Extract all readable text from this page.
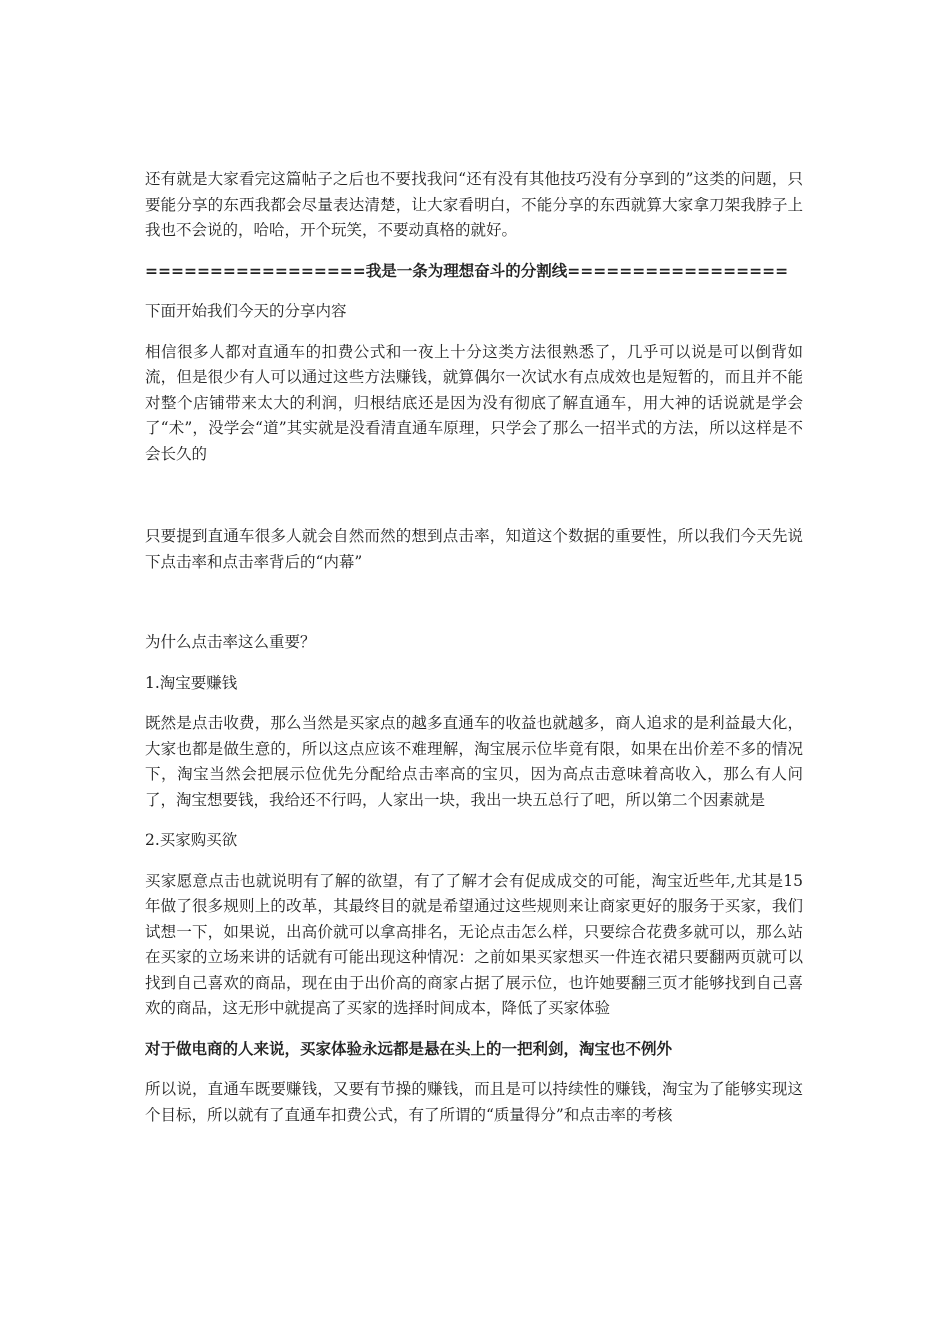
还有就是大家看完这篇帖子之后也不要找我问“还有没有其他技巧没有分享到的”这类的问题，只要能分享的东西我都会尽量表达清楚，让大家看明白，不能分享的东西就算大家拿刀架我脖子上我也不会说的，哈哈，开个玩笑，不要动真格的就好。

=================我是一条为理想奋斗的分割线=================

下面开始我们今天的分享内容

相信很多人都对直通车的扣费公式和一夜上十分这类方法很熟悉了，几乎可以说是可以倒背如流，但是很少有人可以通过这些方法赚钱，就算偶尔一次试水有点成效也是短暂的，而且并不能对整个店铺带来太大的利润，归根结底还是因为没有彻底了解直通车，用大神的话说就是学会了“术”，没学会“道”其实就是没看清直通车原理，只学会了那么一招半式的方法，所以这样是不会长久的

只要提到直通车很多人就会自然而然的想到点击率，知道这个数据的重要性，所以我们今天先说下点击率和点击率背后的“内幕”

为什么点击率这么重要？

1.淘宝要赚钱

既然是点击收费，那么当然是买家点的越多直通车的收益也就越多，商人追求的是利益最大化，大家也都是做生意的，所以这点应该不难理解，淘宝展示位毕竟有限，如果在出价差不多的情况下，淘宝当然会把展示位优先分配给点击率高的宝贝，因为高点击意味着高收入，那么有人问了，淘宝想要钱，我给还不行吗，人家出一块，我出一块五总行了吧，所以第二个因素就是

2.买家购买欲

买家愿意点击也就说明有了解的欲望，有了了解才会有促成成交的可能，淘宝近些年,尤其是15年做了很多规则上的改革，其最终目的就是希望通过这些规则来让商家更好的服务于买家，我们试想一下，如果说，出高价就可以拿高排名，无论点击怎么样，只要综合花费多就可以，那么站在买家的立场来讲的话就有可能出现这种情况：之前如果买家想买一件连衣裙只要翻两页就可以找到自己喜欢的商品，现在由于出价高的商家占据了展示位，也许她要翻三页才能够找到自己喜欢的商品，这无形中就提高了买家的选择时间成本，降低了买家体验

对于做电商的人来说，买家体验永远都是悬在头上的一把利剑，淘宝也不例外

所以说，直通车既要赚钱，又要有节操的赚钱，而且是可以持续性的赚钱，淘宝为了能够实现这个目标，所以就有了直通车扣费公式，有了所谓的“质量得分”和点击率的考核
